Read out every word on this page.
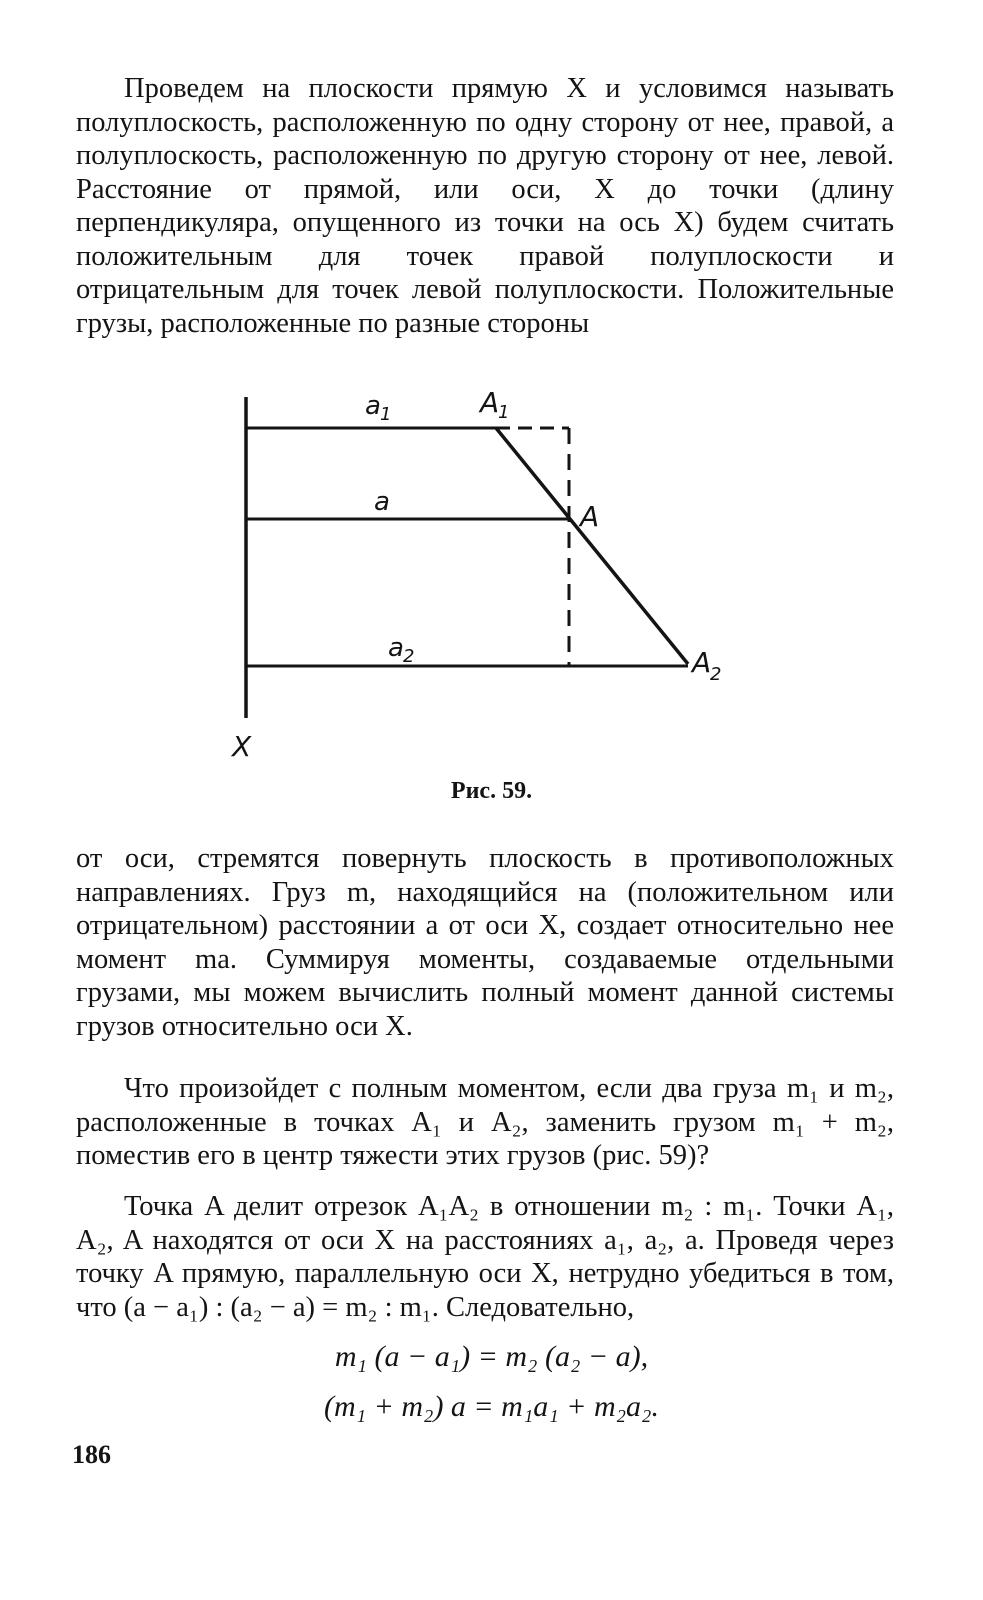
Проведем на плоскости прямую X и условимся называть полуплоскость, расположенную по одну сторону от нее, правой, а полуплоскость, расположенную по другую сторону от нее, левой. Расстояние от прямой, или оси, X до точки (длину перпендикуляра, опущенного из точки на ось X) будем считать положительным для точек правой полуплоскости и отрицательным для точек левой полуплоскости. Положительные грузы, расположенные по разные стороны

a 1	A
1
a	A
a 2	A
2
X
Рис. 59.

от оси, стремятся повернуть плоскость в противоположных направлениях. Груз m, находящийся на (положительном или отрицательном) расстоянии a от оси X, создает относительно нее момент ma. Суммируя моменты, создаваемые отдельными грузами, мы можем вычислить полный момент данной системы грузов относительно оси X.

Что произойдет с полным моментом, если два груза m₁ и m₂, расположенные в точках A₁ и A₂, заменить грузом m₁ + m₂, поместив его в центр тяжести этих грузов (рис. 59)?

Точка A делит отрезок A₁A₂ в отношении m₂ : m₁. Точки A₁, A₂, A находятся от оси X на расстояниях a₁, a₂, a. Проведя через точку A прямую, параллельную оси X, нетрудно убедиться в том, что (a − a₁) : (a₂ − a) = m₂ : m₁. Следовательно,

m₁ (a − a₁) = m₂ (a₂ − a),
(m₁ + m₂) a = m₁a₁ + m₂a₂.
186
